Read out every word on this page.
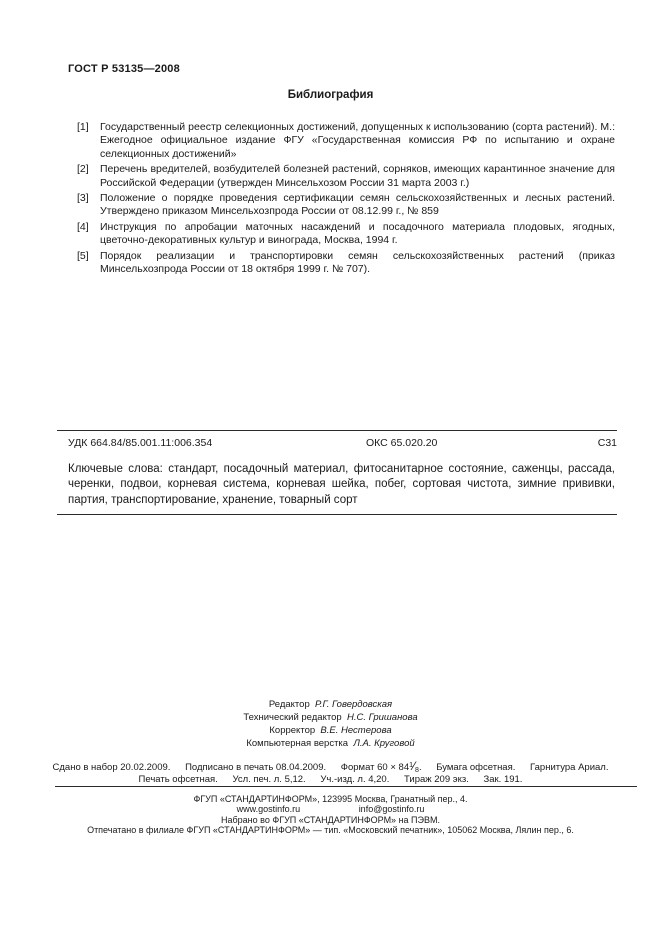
ГОСТ Р 53135—2008
Библиография
[1] Государственный реестр селекционных достижений, допущенных к использованию (сорта растений). М.: Ежегодное официальное издание ФГУ «Государственная комиссия РФ по испытанию и охране селекционных достижений»
[2] Перечень вредителей, возбудителей болезней растений, сорняков, имеющих карантинное значение для Российской Федерации (утвержден Минсельхозом России 31 марта 2003 г.)
[3] Положение о порядке проведения сертификации семян сельскохозяйственных и лесных растений. Утверждено приказом Минсельхозпрода России от 08.12.99 г., № 859
[4] Инструкция по апробации маточных насаждений и посадочного материала плодовых, ягодных, цветочно-декоративных культур и винограда, Москва, 1994 г.
[5] Порядок реализации и транспортировки семян сельскохозяйственных растений (приказ Минсельхозпрода России от 18 октября 1999 г. № 707).
УДК 664.84/85.001.11:006.354	ОКС 65.020.20	С31

Ключевые слова: стандарт, посадочный материал, фитосанитарное состояние, саженцы, рассада, черенки, подвои, корневая система, корневая шейка, побег, сортовая чистота, зимние прививки, партия, транспортирование, хранение, товарный сорт

Редактор Р.Г. Говердовская
Технический редактор Н.С. Гришанова
Корректор В.Е. Нестерова
Компьютерная верстка Л.А. Круговой
Сдано в набор 20.02.2009. Подписано в печать 08.04.2009. Формат $60 \times 84^1⁄_8$. Бумага офсетная. Гарнитура Ариал.
Печать офсетная. Усл. печ. л. 5,12. Уч.-изд. л. 4,20. Тираж 209 экз. Зак. 191.
ФГУП «СТАНДАРТИНФОРМ», 123995 Москва, Гранатный пер., 4.
www.gostinfo.ru	info@gostinfo.ru
Набрано во ФГУП «СТАНДАРТИНФОРМ» на ПЭВМ.
Отпечатано в филиале ФГУП «СТАНДАРТИНФОРМ» — тип. «Московский печатник», 105062 Москва, Лялин пер., 6.
